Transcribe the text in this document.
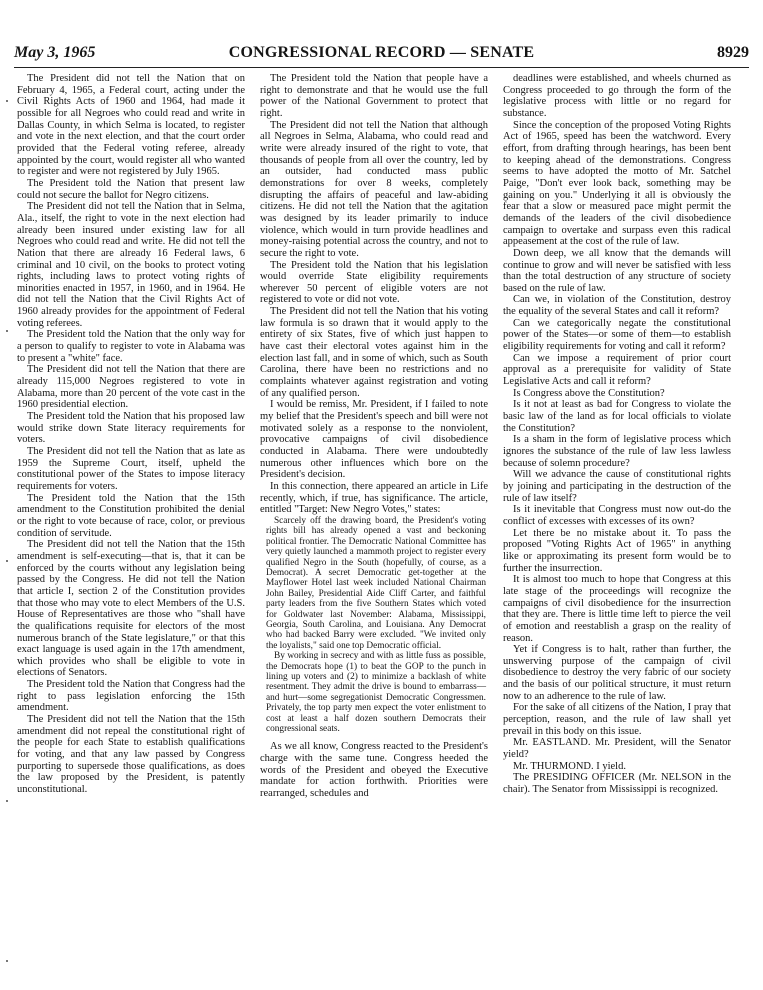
May 3, 1965	CONGRESSIONAL RECORD — SENATE	8929

The President did not tell the Nation that on February 4, 1965, a Federal court, acting under the Civil Rights Acts of 1960 and 1964, had made it possible for all Negroes who could read and write in Dallas County, in which Selma is located, to register and vote in the next election, and that the court order provided that the Federal voting referee, already appointed by the court, would register all who wanted to register and were not registered by July 1965.

The President told the Nation that present law could not secure the ballot for Negro citizens.

The President did not tell the Nation that in Selma, Ala., itself, the right to vote in the next election had already been insured under existing law for all Negroes who could read and write. He did not tell the Nation that there are already 16 Federal laws, 6 criminal and 10 civil, on the books to protect voting rights, including laws to protect voting rights of minorities enacted in 1957, in 1960, and in 1964. He did not tell the Nation that the Civil Rights Act of 1960 already provides for the appointment of Federal voting referees.

The President told the Nation that the only way for a person to qualify to register to vote in Alabama was to present a "white" face.

The President did not tell the Nation that there are already 115,000 Negroes registered to vote in Alabama, more than 20 percent of the vote cast in the 1960 presidential election.

The President told the Nation that his proposed law would strike down State literacy requirements for voters.

The President did not tell the Nation that as late as 1959 the Supreme Court, itself, upheld the constitutional power of the States to impose literacy requirements for voters.

The President told the Nation that the 15th amendment to the Constitution prohibited the denial or the right to vote because of race, color, or previous condition of servitude.

The President did not tell the Nation that the 15th amendment is self-executing—that is, that it can be enforced by the courts without any legislation being passed by the Congress. He did not tell the Nation that article I, section 2 of the Constitution provides that those who may vote to elect Members of the U.S. House of Representatives are those who "shall have the qualifications requisite for electors of the most numerous branch of the State legislature," or that this exact language is used again in the 17th amendment, which provides who shall be eligible to vote in elections of Senators.

The President told the Nation that Congress had the right to pass legislation enforcing the 15th amendment.

The President did not tell the Nation that the 15th amendment did not repeal the constitutional right of the people for each State to establish qualifications for voting, and that any law passed by Congress purporting to supersede those qualifications, as does the law proposed by the President, is patently unconstitutional.

The President told the Nation that people have a right to demonstrate and that he would use the full power of the National Government to protect that right.

The President did not tell the Nation that although all Negroes in Selma, Alabama, who could read and write were already insured of the right to vote, that thousands of people from all over the country, led by an outsider, had conducted mass public demonstrations for over 8 weeks, completely disrupting the affairs of peaceful and law-abiding citizens. He did not tell the Nation that the agitation was designed by its leader primarily to induce violence, which would in turn provide headlines and money-raising potential across the country, and not to secure the right to vote.

The President told the Nation that his legislation would override State eligibility requirements wherever 50 percent of eligible voters are not registered to vote or did not vote.

The President did not tell the Nation that his voting law formula is so drawn that it would apply to the entirety of six States, five of which just happen to have cast their electoral votes against him in the election last fall, and in some of which, such as South Carolina, there have been no restrictions and no complaints whatever against registration and voting of any qualified person.

I would be remiss, Mr. President, if I failed to note my belief that the President's speech and bill were not motivated solely as a response to the nonviolent, provocative campaigns of civil disobedience conducted in Alabama. There were undoubtedly numerous other influences which bore on the President's decision.

In this connection, there appeared an article in Life recently, which, if true, has significance. The article, entitled "Target: New Negro Votes," states:

Scarcely off the drawing board, the President's voting rights bill has already opened a vast and beckoning political frontier. The Democratic National Committee has very quietly launched a mammoth project to register every qualified Negro in the South (hopefully, of course, as a Democrat). A secret Democratic get-together at the Mayflower Hotel last week included National Chairman John Bailey, Presidential Aide Cliff Carter, and faithful party leaders from the five Southern States which voted for Goldwater last November: Alabama, Mississippi, Georgia, South Carolina, and Louisiana. Any Democrat who had backed Barry were excluded. "We invited only the loyalists," said one top Democratic official.

By working in secrecy and with as little fuss as possible, the Democrats hope (1) to beat the GOP to the punch in lining up voters and (2) to minimize a backlash of white resentment. They admit the drive is bound to embarrass—and hurt—some segregationist Democratic Congressmen. Privately, the top party men expect the voter enlistment to cost at least a half dozen southern Democrats their congressional seats.

As we all know, Congress reacted to the President's charge with the same tune. Congress heeded the words of the President and obeyed the Executive mandate for action forthwith. Priorities were rearranged, schedules and

deadlines were established, and wheels churned as Congress proceeded to go through the form of the legislative process with little or no regard for substance.

Since the conception of the proposed Voting Rights Act of 1965, speed has been the watchword. Every effort, from drafting through hearings, has been bent to keeping ahead of the demonstrations. Congress seems to have adopted the motto of Mr. Satchel Paige, "Don't ever look back, something may be gaining on you." Underlying it all is obviously the fear that a slow or measured pace might permit the demands of the leaders of the civil disobedience campaign to overtake and surpass even this radical appeasement at the cost of the rule of law.

Down deep, we all know that the demands will continue to grow and will never be satisfied with less than the total destruction of any structure of society based on the rule of law.

Can we, in violation of the Constitution, destroy the equality of the several States and call it reform?

Can we categorically negate the constitutional power of the States—or some of them—to establish eligibility requirements for voting and call it reform?

Can we impose a requirement of prior court approval as a prerequisite for validity of State Legislative Acts and call it reform?

Is Congress above the Constitution?

Is it not at least as bad for Congress to violate the basic law of the land as for local officials to violate the Constitution?

Is a sham in the form of legislative process which ignores the substance of the rule of law less lawless because of solemn procedure?

Will we advance the cause of constitutional rights by joining and participating in the destruction of the rule of law itself?

Is it inevitable that Congress must now out-do the conflict of excesses with excesses of its own?

Let there be no mistake about it. To pass the proposed "Voting Rights Act of 1965" in anything like or approximating its present form would be to further the insurrection.

It is almost too much to hope that Congress at this late stage of the proceedings will recognize the campaigns of civil disobedience for the insurrection that they are. There is little time left to pierce the veil of emotion and reestablish a grasp on the reality of reason.

Yet if Congress is to halt, rather than further, the unswerving purpose of the campaign of civil disobedience to destroy the very fabric of our society and the basis of our political structure, it must return now to an adherence to the rule of law.

For the sake of all citizens of the Nation, I pray that perception, reason, and the rule of law shall yet prevail in this body on this issue.

Mr. EASTLAND. Mr. President, will the Senator yield?

Mr. THURMOND. I yield.

The PRESIDING OFFICER (Mr. NELSON in the chair). The Senator from Mississippi is recognized.
